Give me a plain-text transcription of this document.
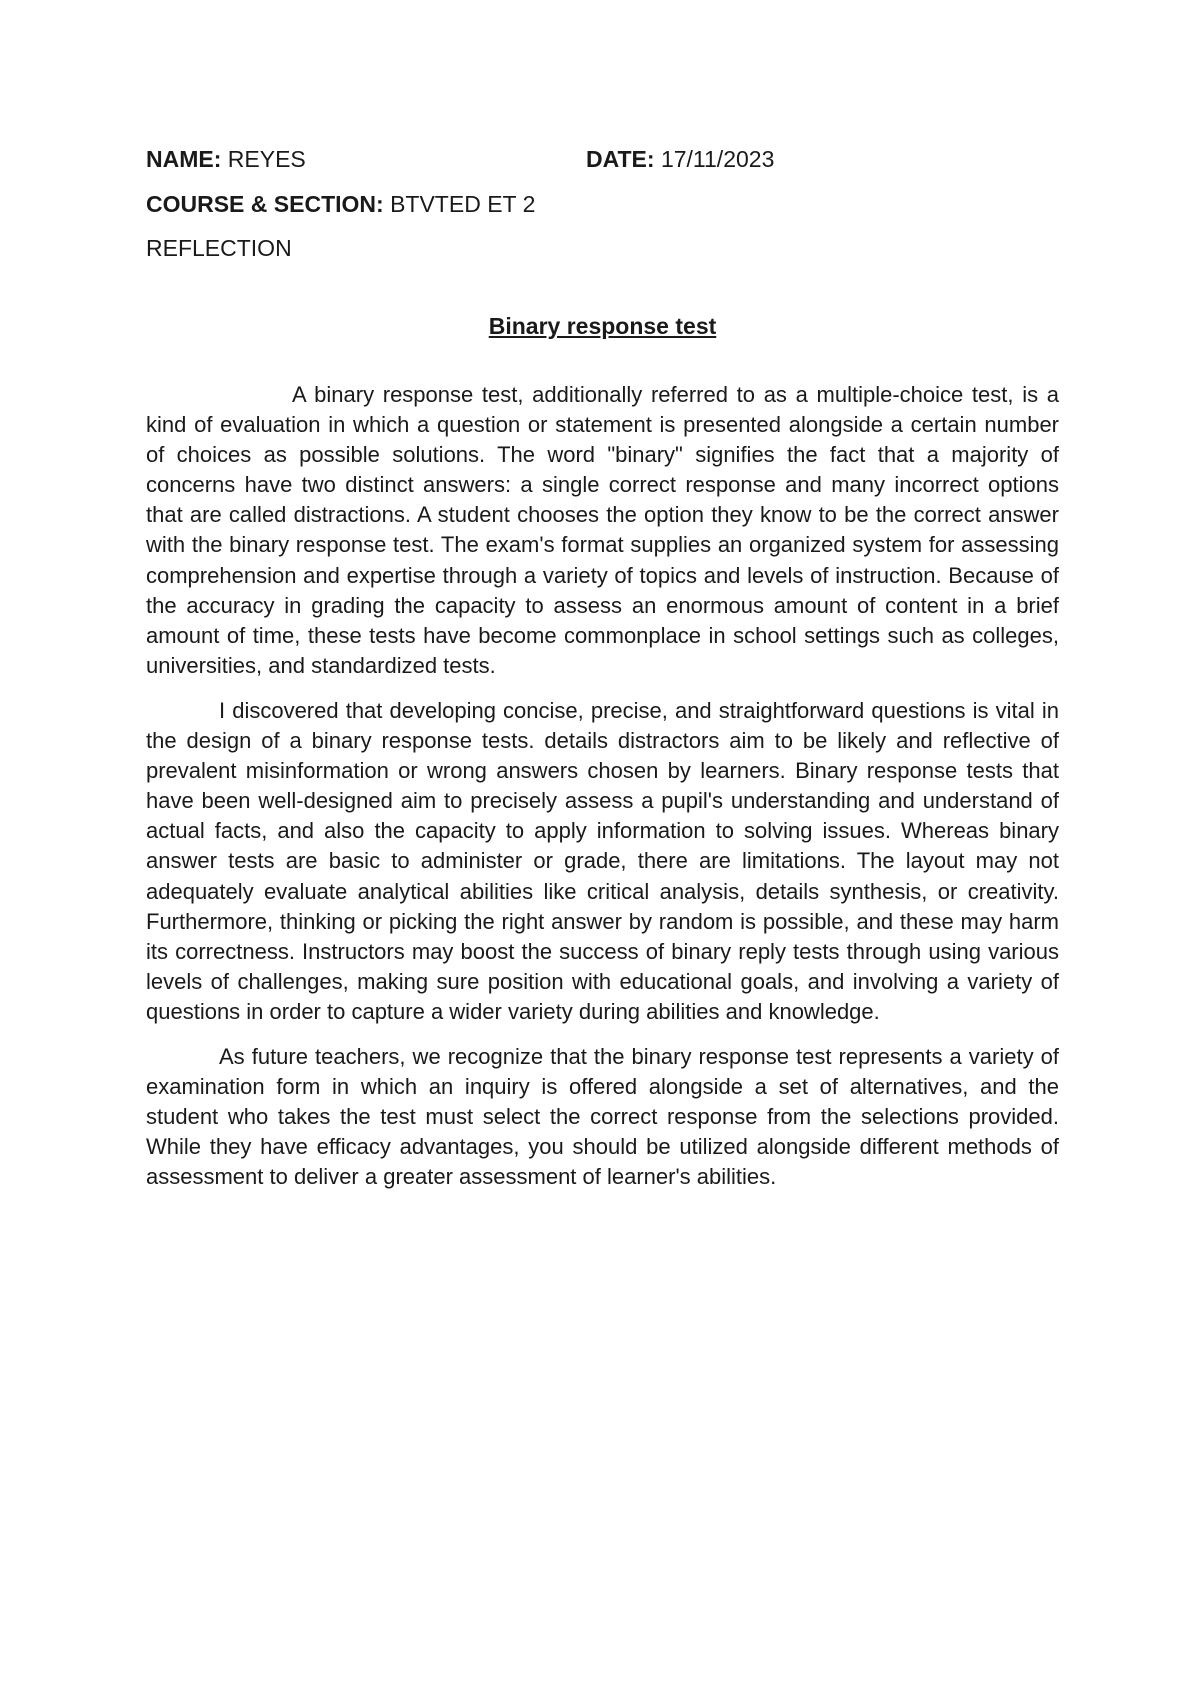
NAME: REYES	DATE: 17/11/2023
COURSE & SECTION: BTVTED ET 2
REFLECTION
Binary response test

A binary response test, additionally referred to as a multiple-choice test, is a kind of evaluation in which a question or statement is presented alongside a certain number of choices as possible solutions. The word "binary" signifies the fact that a majority of concerns have two distinct answers: a single correct response and many incorrect options that are called distractions. A student chooses the option they know to be the correct answer with the binary response test. The exam's format supplies an organized system for assessing comprehension and expertise through a variety of topics and levels of instruction. Because of the accuracy in grading the capacity to assess an enormous amount of content in a brief amount of time, these tests have become commonplace in school settings such as colleges, universities, and standardized tests.

I discovered that developing concise, precise, and straightforward questions is vital in the design of a binary response tests. details distractors aim to be likely and reflective of prevalent misinformation or wrong answers chosen by learners. Binary response tests that have been well-designed aim to precisely assess a pupil's understanding and understand of actual facts, and also the capacity to apply information to solving issues. Whereas binary answer tests are basic to administer or grade, there are limitations. The layout may not adequately evaluate analytical abilities like critical analysis, details synthesis, or creativity. Furthermore, thinking or picking the right answer by random is possible, and these may harm its correctness. Instructors may boost the success of binary reply tests through using various levels of challenges, making sure position with educational goals, and involving a variety of questions in order to capture a wider variety during abilities and knowledge.

As future teachers, we recognize that the binary response test represents a variety of examination form in which an inquiry is offered alongside a set of alternatives, and the student who takes the test must select the correct response from the selections provided. While they have efficacy advantages, you should be utilized alongside different methods of assessment to deliver a greater assessment of learner's abilities.
